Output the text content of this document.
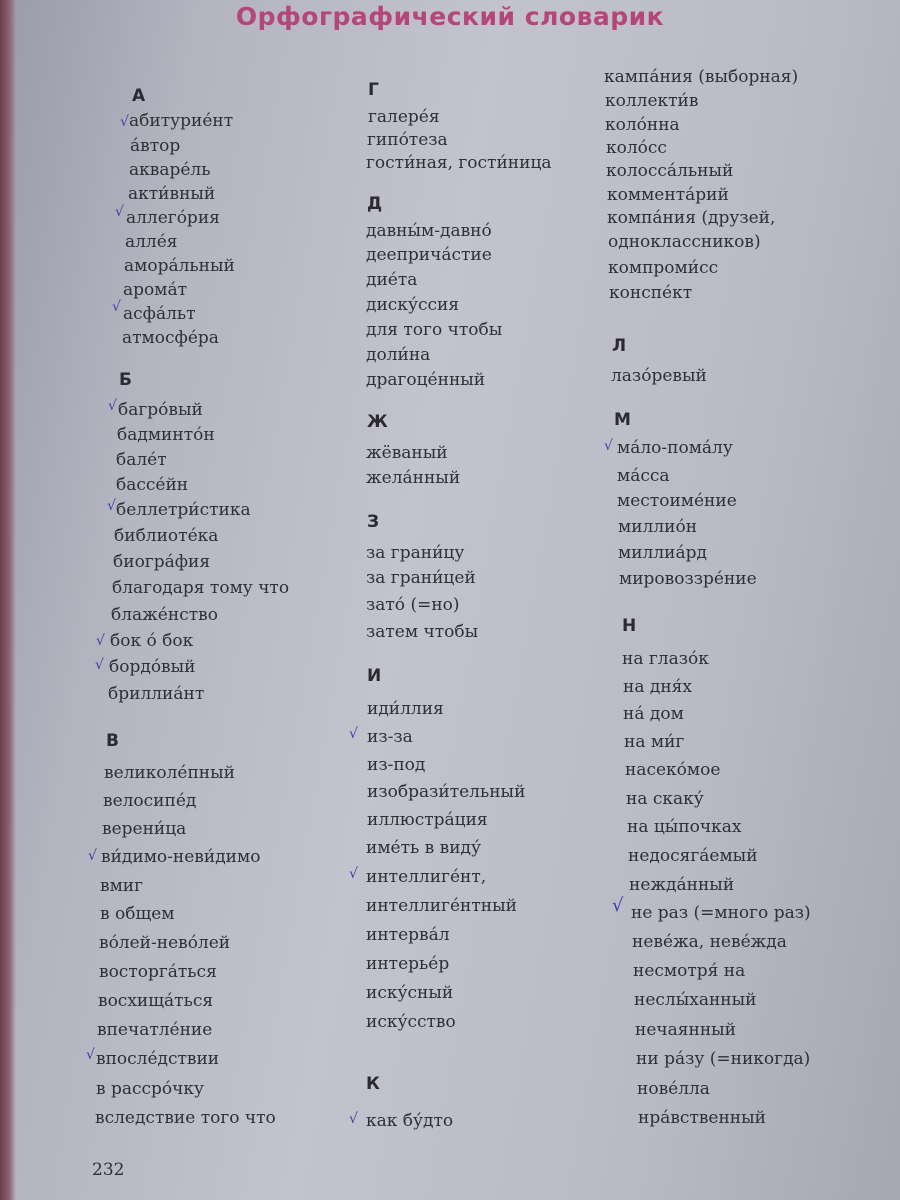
Орфографический словарик
А
абитурие́нт
а́втор
акваре́ль
акти́вный
аллего́рия
алле́я
амора́льный
арома́т
асфа́льт
атмосфе́ра
Б
багро́вый
бадминто́н
бале́т
бассе́йн
беллетри́стика
библиоте́ка
биогра́фия
благодаря тому что
блаже́нство
бок о́ бок
бордо́вый
бриллиа́нт
В
великоле́пный
велосипе́д
верени́ца
ви́димо-неви́димо
вмиг
в общем
во́лей-нево́лей
восторга́ться
восхища́ться
впечатле́ние
впосле́дствии
в рассро́чку
вследствие того что
Г
галере́я
гипо́теза
гости́ная, гости́ница
Д
давны́м-давно́
дееприча́стие
дие́та
диску́ссия
для того чтобы
доли́на
драгоце́нный
Ж
жёваный
жела́нный
З
за грани́цу
за грани́цей
зато́ (=но)
затем чтобы
И
иди́ллия
из-за
из-под
изобрази́тельный
иллюстра́ция
име́ть в виду́
интеллиге́нт,
интеллиге́нтный
интерва́л
интерье́р
иску́сный
иску́сство
К
как бу́дто
кампа́ния (выборная)
коллекти́в
коло́нна
коло́сс
колосса́льный
коммента́рий
компа́ния (друзей,
одноклассников)
компроми́сс
конспе́кт
Л
лазо́ревый
М
ма́ло-пома́лу
ма́сса
местоиме́ние
миллио́н
миллиа́рд
мировоззре́ние
Н
на глазо́к
на дня́х
на́ дом
на ми́г
насеко́мое
на скаку́
на цы́почках
недосяга́емый
нежда́нный
не раз (=много раз)
неве́жа, неве́жда
несмотря́ на
неслы́ханный
нечаянный
ни ра́зу (=никогда)
нове́лла
нра́вственный
√
√
√
√
√
√
√
√
√
√
√
√
√
√
232
